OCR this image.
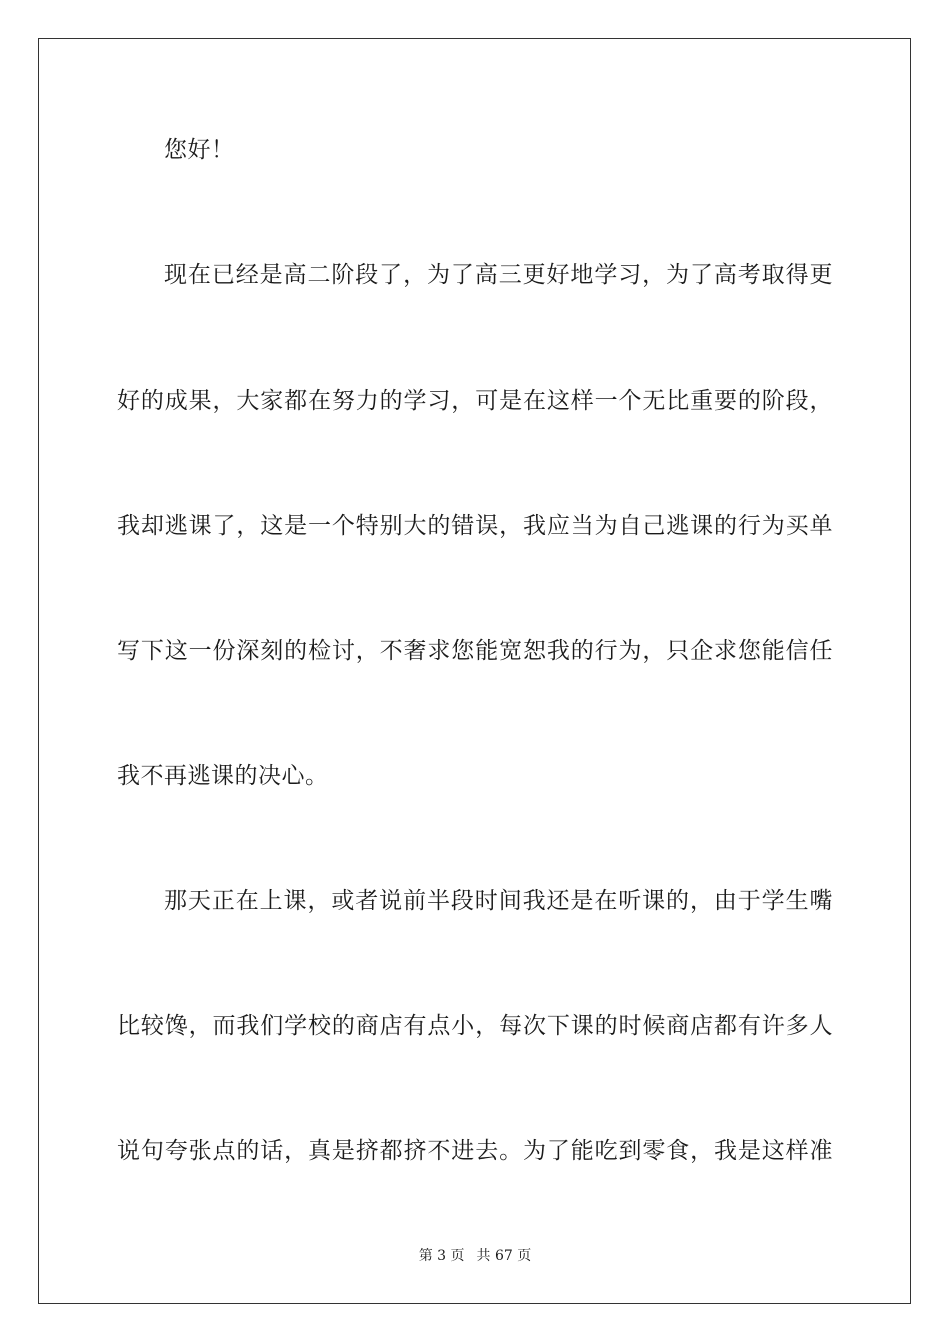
您好！
现在已经是高二阶段了，为了高三更好地学习，为了高考取得更
好的成果，大家都在努力的学习，可是在这样一个无比重要的阶段，
我却逃课了，这是一个特别大的错误，我应当为自己逃课的行为买单
写下这一份深刻的检讨，不奢求您能宽恕我的行为，只企求您能信任
我不再逃课的决心。
那天正在上课，或者说前半段时间我还是在听课的，由于学生嘴
比较馋，而我们学校的商店有点小，每次下课的时候商店都有许多人
说句夸张点的话，真是挤都挤不进去。为了能吃到零食，我是这样准
第 3 页 共 67 页
